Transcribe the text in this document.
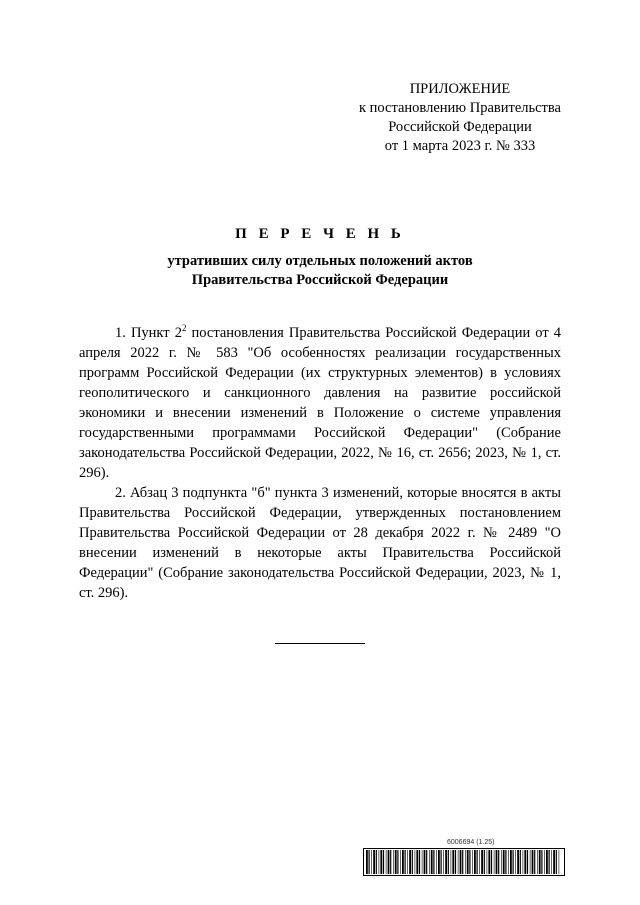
ПРИЛОЖЕНИЕ
к постановлению Правительства
Российской Федерации
от 1 марта 2023 г. № 333
П Е Р Е Ч Е Н Ь
утративших силу отдельных положений актов
Правительства Российской Федерации

1. Пункт $2^2$ постановления Правительства Российской Федерации от 4 апреля 2022 г. № 583 "Об особенностях реализации государственных программ Российской Федерации (их структурных элементов) в условиях геополитического и санкционного давления на развитие российской экономики и внесении изменений в Положение о системе управления государственными программами Российской Федерации" (Собрание законодательства Российской Федерации, 2022, № 16, ст. 2656; 2023, № 1, ст. 296).

2. Абзац 3 подпункта "б" пункта 3 изменений, которые вносятся в акты Правительства Российской Федерации, утвержденных постановлением Правительства Российской Федерации от 28 декабря 2022 г. № 2489 "О внесении изменений в некоторые акты Правительства Российской Федерации" (Собрание законодательства Российской Федерации, 2023, № 1, ст. 296).

6006694 (1.25)
